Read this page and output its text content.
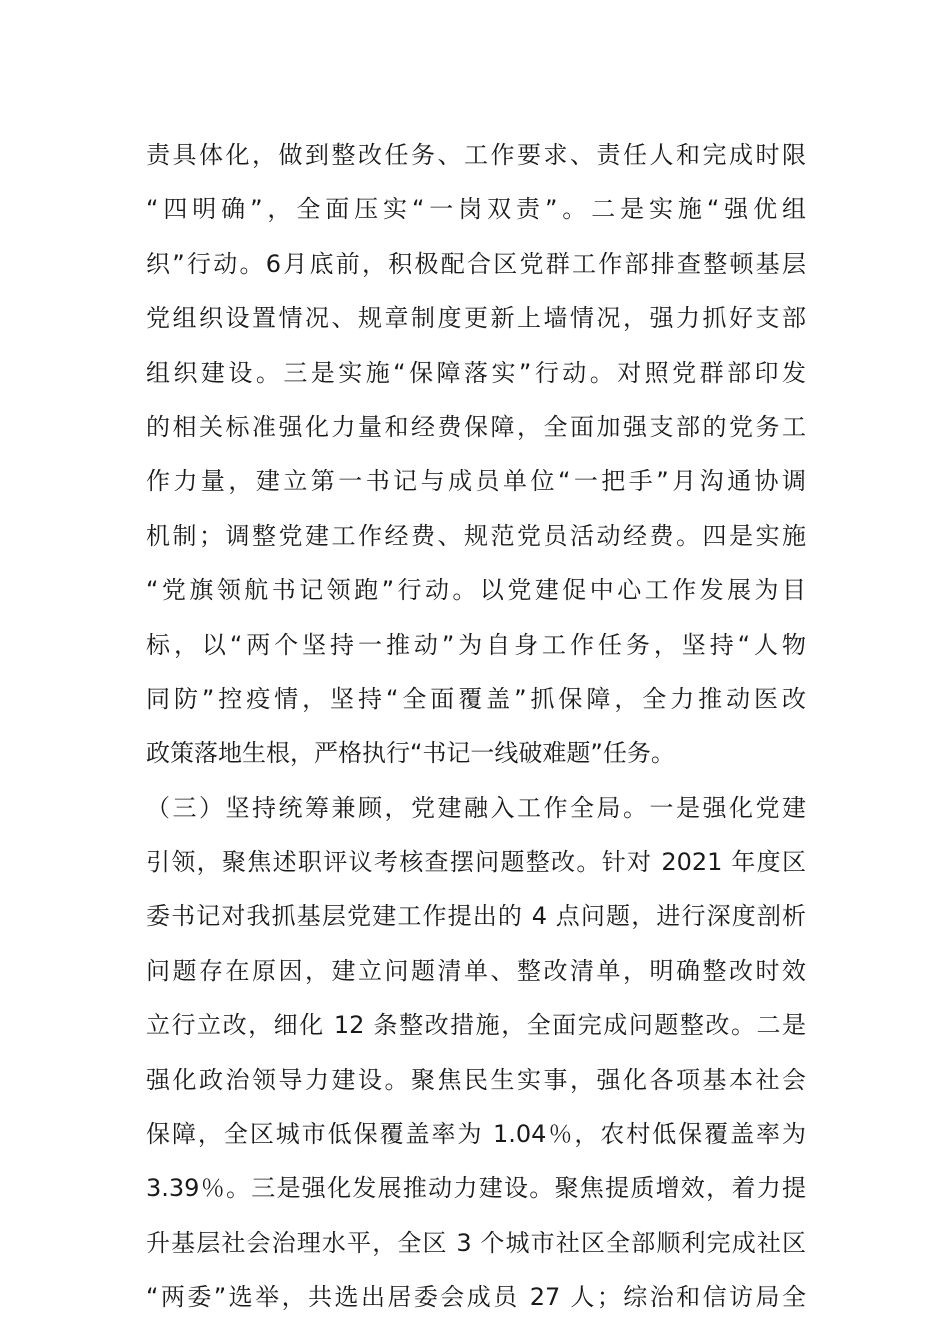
责具体化，做到整改任务、工作要求、责任人和完成时限
“四明确”，全面压实“一岗双责”。二是实施“强优组
织”行动。6月底前，积极配合区党群工作部排查整顿基层
党组织设置情况、规章制度更新上墙情况，强力抓好支部
组织建设。三是实施“保障落实”行动。对照党群部印发
的相关标准强化力量和经费保障，全面加强支部的党务工
作力量，建立第一书记与成员单位“一把手”月沟通协调
机制；调整党建工作经费、规范党员活动经费。四是实施
“党旗领航书记领跑”行动。以党建促中心工作发展为目
标，以“两个坚持一推动”为自身工作任务，坚持“人物
同防”控疫情，坚持“全面覆盖”抓保障，全力推动医改
政策落地生根，严格执行“书记一线破难题”任务。
（三）坚持统筹兼顾，党建融入工作全局。一是强化党建
引领，聚焦述职评议考核查摆问题整改。针对 2021 年度区
委书记对我抓基层党建工作提出的 4 点问题，进行深度剖析
问题存在原因，建立问题清单、整改清单，明确整改时效
立行立改，细化 12 条整改措施，全面完成问题整改。二是
强化政治领导力建设。聚焦民生实事，强化各项基本社会
保障，全区城市低保覆盖率为 1.04％，农村低保覆盖率为
3.39％。三是强化发展推动力建设。聚焦提质增效，着力提
升基层社会治理水平，全区 3 个城市社区全部顺利完成社区
“两委”选举，共选出居委会成员 27 人；综治和信访局全
